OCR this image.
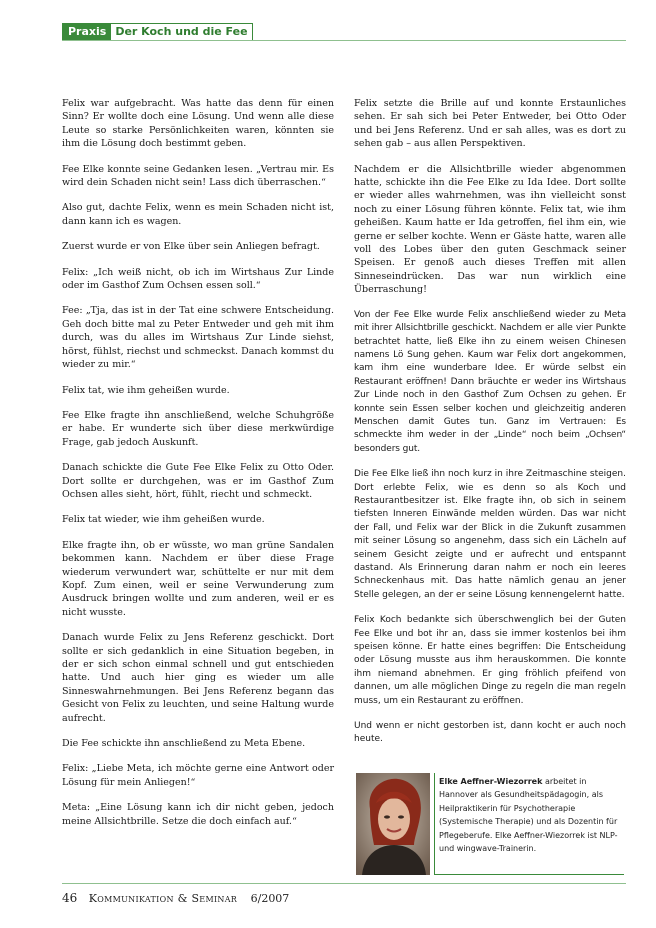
Praxis Der Koch und die Fee

Felix war aufgebracht. Was hatte das denn für einen Sinn? Er wollte doch eine Lösung. Und wenn alle diese Leute so starke Persönlichkeiten waren, könnten sie ihm die Lösung doch bestimmt geben.

Fee Elke konnte seine Gedanken lesen. „Vertrau mir. Es wird dein Schaden nicht sein! Lass dich überraschen.“

Also gut, dachte Felix, wenn es mein Schaden nicht ist, dann kann ich es wagen.

Zuerst wurde er von Elke über sein Anliegen befragt.

Felix: „Ich weiß nicht, ob ich im Wirtshaus Zur Linde oder im Gasthof Zum Ochsen essen soll.“

Fee: „Tja, das ist in der Tat eine schwere Entscheidung. Geh doch bitte mal zu Peter Entweder und geh mit ihm durch, was du alles im Wirtshaus Zur Linde siehst, hörst, fühlst, riechst und schmeckst. Danach kommst du wieder zu mir.“

Felix tat, wie ihm geheißen wurde.

Fee Elke fragte ihn anschließend, welche Schuhgröße er habe. Er wunderte sich über diese merkwürdige Frage, gab jedoch Auskunft.

Danach schickte die Gute Fee Elke Felix zu Otto Oder. Dort sollte er durchgehen, was er im Gasthof Zum Ochsen alles sieht, hört, fühlt, riecht und schmeckt.

Felix tat wieder, wie ihm geheißen wurde.

Elke fragte ihn, ob er wüsste, wo man grüne Sandalen bekommen kann. Nachdem er über diese Frage wiederum verwundert war, schüttelte er nur mit dem Kopf. Zum einen, weil er seine Verwunderung zum Ausdruck bringen wollte und zum anderen, weil er es nicht wusste.

Danach wurde Felix zu Jens Referenz geschickt. Dort sollte er sich gedanklich in eine Situation begeben, in der er sich schon einmal schnell und gut entschieden hatte. Und auch hier ging es wieder um alle Sinneswahrnehmungen. Bei Jens Referenz begann das Gesicht von Felix zu leuchten, und seine Haltung wurde aufrecht.

Die Fee schickte ihn anschließend zu Meta Ebene.

Felix: „Liebe Meta, ich möchte gerne eine Antwort oder Lösung für mein Anliegen!“

Meta: „Eine Lösung kann ich dir nicht geben, jedoch meine Allsichtbrille. Setze die doch einfach auf.“

Felix setzte die Brille auf und konnte Erstaunliches sehen. Er sah sich bei Peter Entweder, bei Otto Oder und bei Jens Referenz. Und er sah alles, was es dort zu sehen gab – aus allen Perspektiven.

Nachdem er die Allsichtbrille wieder abgenommen hatte, schickte ihn die Fee Elke zu Ida Idee. Dort sollte er wieder alles wahrnehmen, was ihn vielleicht sonst noch zu einer Lösung führen könnte. Felix tat, wie ihm geheißen. Kaum hatte er Ida getroffen, fiel ihm ein, wie gerne er selber kochte. Wenn er Gäste hatte, waren alle voll des Lobes über den guten Geschmack seiner Speisen. Er genoß auch dieses Treffen mit allen Sinneseindrücken. Das war nun wirklich eine Überraschung!

Von der Fee Elke wurde Felix anschließend wieder zu Meta mit ihrer Allsichtbrille geschickt. Nachdem er alle vier Punkte betrachtet hatte, ließ Elke ihn zu einem weisen Chinesen namens Lö Sung gehen. Kaum war Felix dort angekommen, kam ihm eine wunderbare Idee. Er würde selbst ein Restaurant eröffnen! Dann bräuchte er weder ins Wirtshaus Zur Linde noch in den Gasthof Zum Ochsen zu gehen. Er konnte sein Essen selber kochen und gleichzeitig anderen Menschen damit Gutes tun. Ganz im Vertrauen: Es schmeckte ihm weder in der „Linde“ noch beim „Ochsen“ besonders gut.

Die Fee Elke ließ ihn noch kurz in ihre Zeitmaschine steigen. Dort erlebte Felix, wie es denn so als Koch und Restaurantbesitzer ist. Elke fragte ihn, ob sich in seinem tiefsten Inneren Einwände melden würden. Das war nicht der Fall, und Felix war der Blick in die Zukunft zusammen mit seiner Lösung so angenehm, dass sich ein Lächeln auf seinem Gesicht zeigte und er aufrecht und entspannt dastand. Als Erinnerung daran nahm er noch ein leeres Schneckenhaus mit. Das hatte nämlich genau an jener Stelle gelegen, an der er seine Lösung kennengelernt hatte.

Felix Koch bedankte sich überschwenglich bei der Guten Fee Elke und bot ihr an, dass sie immer kostenlos bei ihm speisen könne. Er hatte eines begriffen: Die Entscheidung oder Lösung musste aus ihm herauskommen. Die konnte ihm niemand abnehmen. Er ging fröhlich pfeifend von dannen, um alle möglichen Dinge zu regeln die man regeln muss, um ein Restaurant zu eröffnen.

Und wenn er nicht gestorben ist, dann kocht er auch noch heute.

Elke Aeffner-Wiezorrek arbeitet in Hannover als Gesundheitspädagogin, als Heilpraktikerin für Psychotherapie (Systemische Therapie) und als Dozentin für Pflegeberufe. Elke Aeffner-Wiezorrek ist NLP- und wingwave-Trainerin.
46 Kommunikation & Seminar 6/2007
